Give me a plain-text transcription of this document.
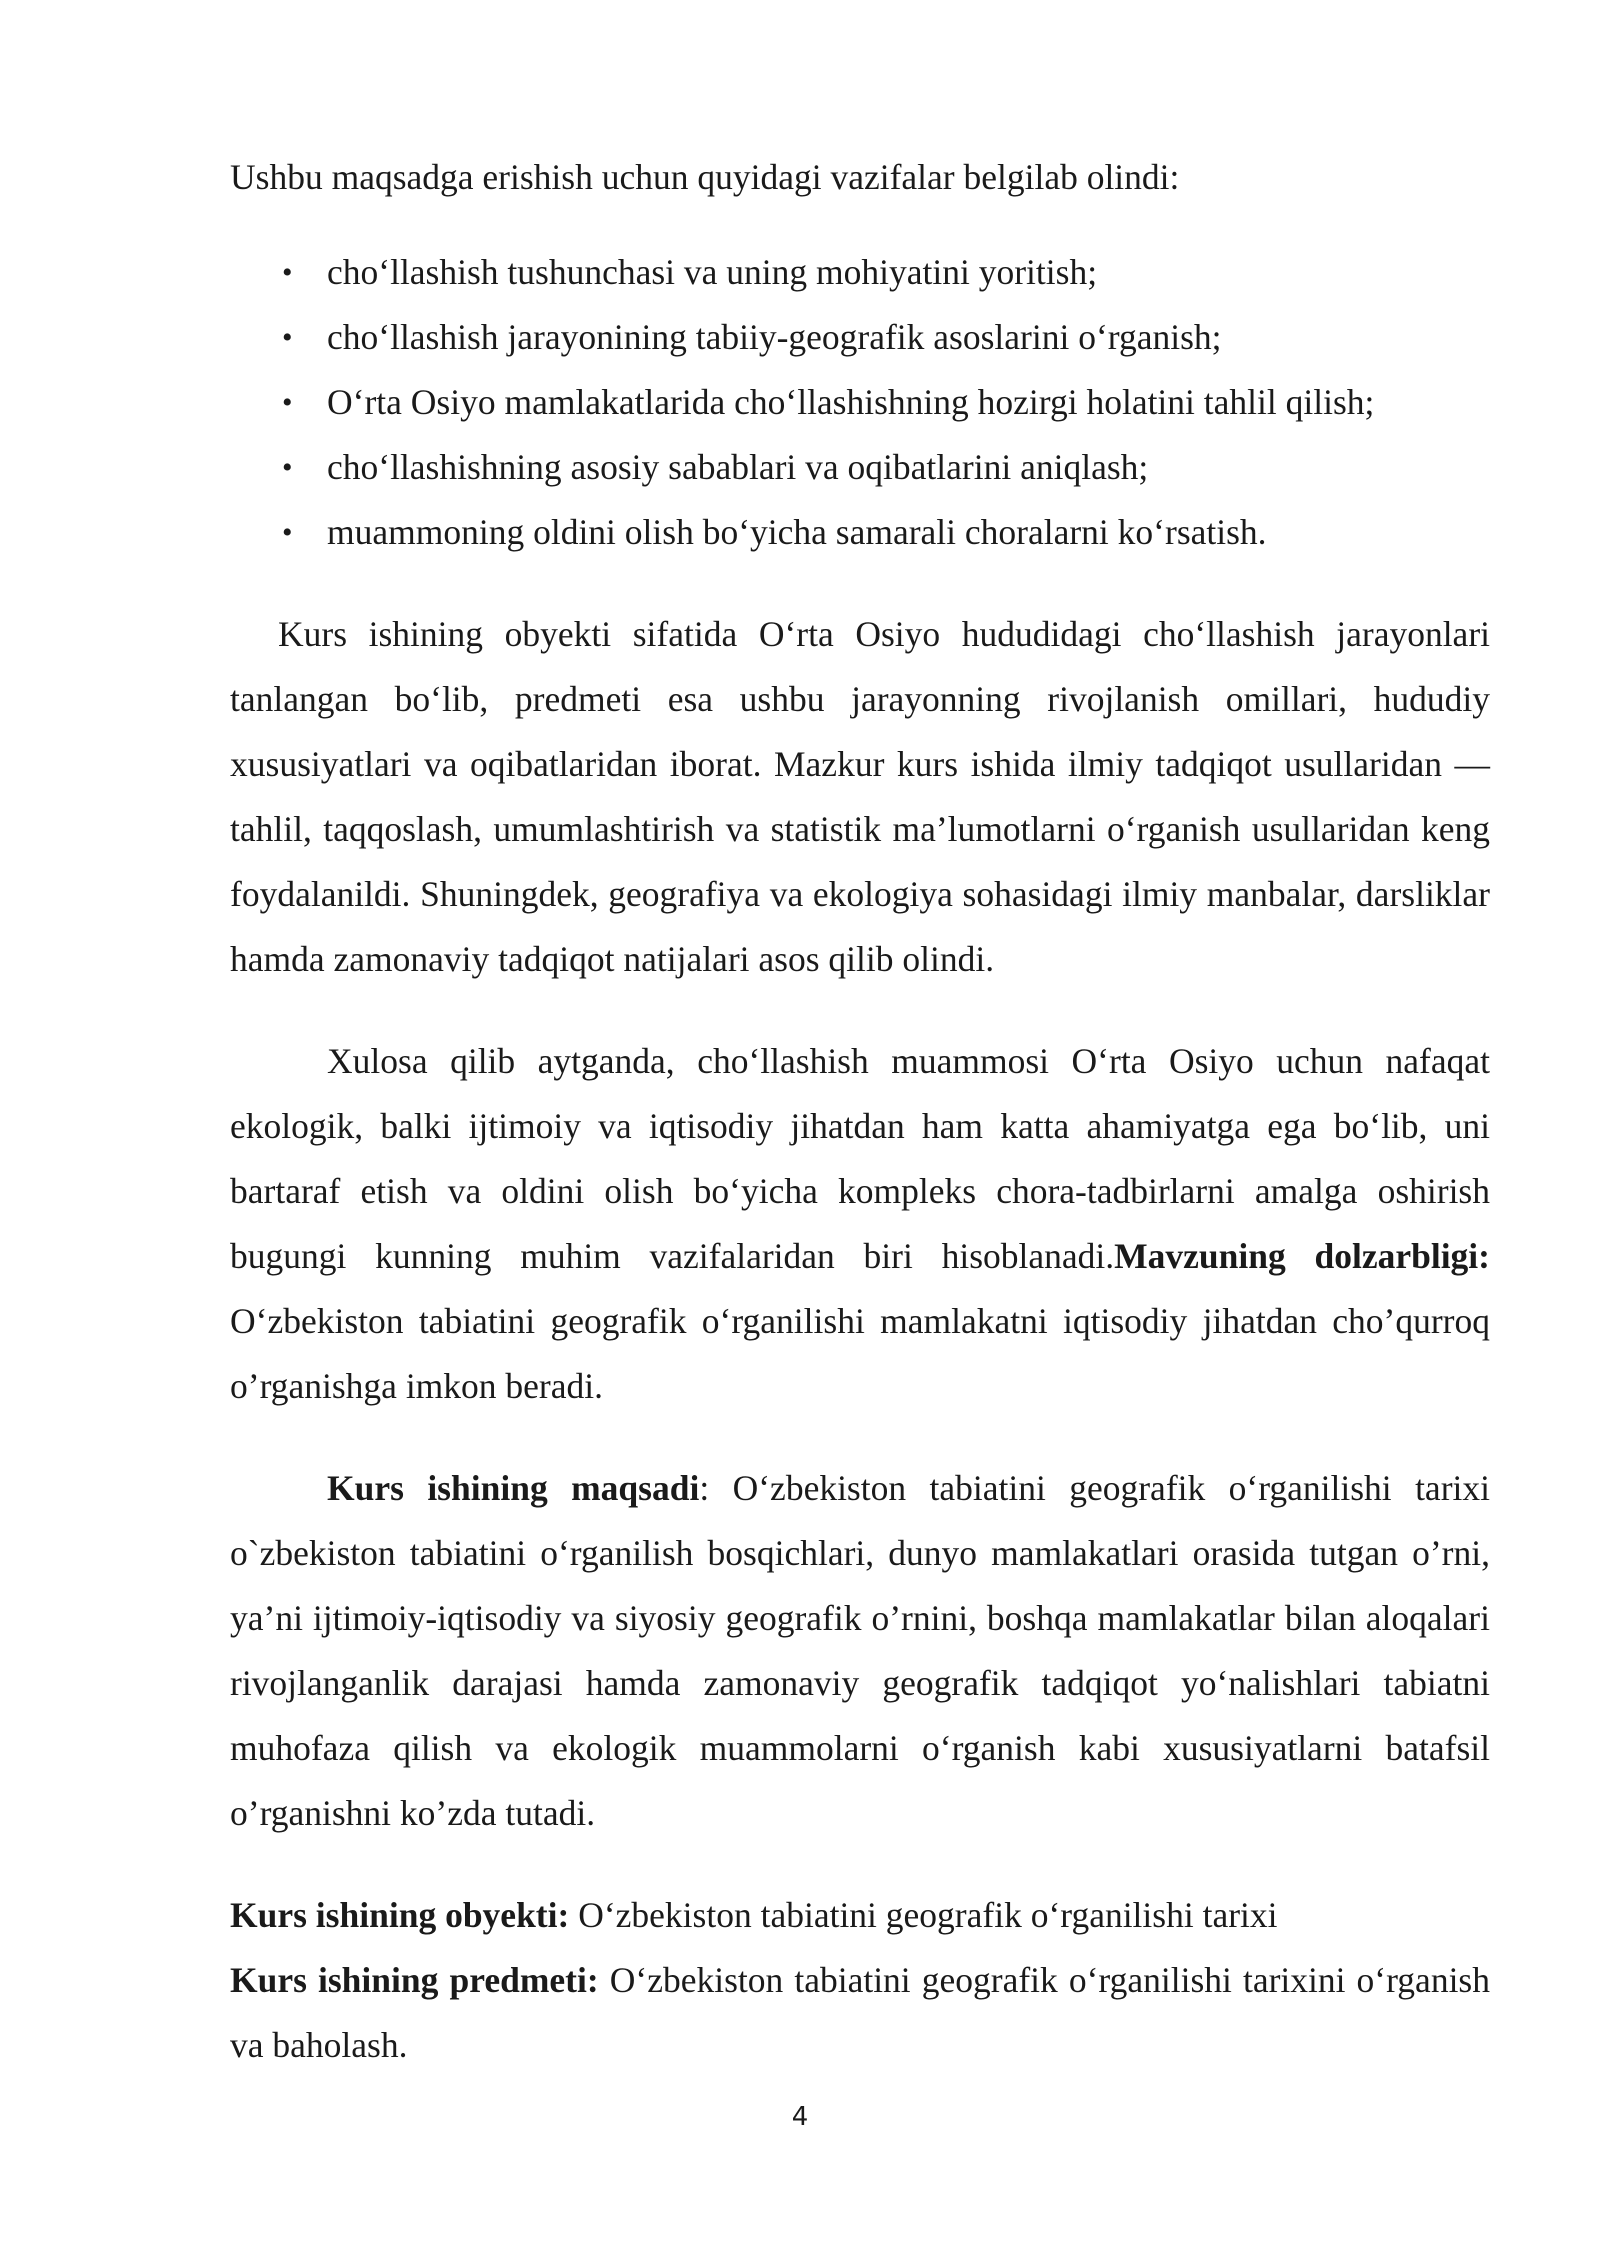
Ushbu maqsadga erishish uchun quyidagi vazifalar belgilab olindi:

• cho‘llashish tushunchasi va uning mohiyatini yoritish;
• cho‘llashish jarayonining tabiiy-geografik asoslarini o‘rganish;
• O‘rta Osiyo mamlakatlarida cho‘llashishning hozirgi holatini tahlil qilish;
• cho‘llashishning asosiy sabablari va oqibatlarini aniqlash;
• muammoning oldini olish bo‘yicha samarali choralarni ko‘rsatish.

Kurs ishining obyekti sifatida O‘rta Osiyo hududidagi cho‘llashish jarayonlari tanlangan bo‘lib, predmeti esa ushbu jarayonning rivojlanish omillari, hududiy xususiyatlari va oqibatlaridan iborat. Mazkur kurs ishida ilmiy tadqiqot usullaridan — tahlil, taqqoslash, umumlashtirish va statistik ma’lumotlarni o‘rganish usullaridan keng foydalanildi. Shuningdek, geografiya va ekologiya sohasidagi ilmiy manbalar, darsliklar hamda zamonaviy tadqiqot natijalari asos qilib olindi.

Xulosa qilib aytganda, cho‘llashish muammosi O‘rta Osiyo uchun nafaqat ekologik, balki ijtimoiy va iqtisodiy jihatdan ham katta ahamiyatga ega bo‘lib, uni bartaraf etish va oldini olish bo‘yicha kompleks chora-tadbirlarni amalga oshirish bugungi kunning muhim vazifalaridan biri hisoblanadi.Mavzuning dolzarbligi: O‘zbekiston tabiatini geografik o‘rganilishi mamlakatni iqtisodiy jihatdan cho’qurroq o’rganishga imkon beradi.

Kurs ishining maqsadi: O‘zbekiston tabiatini geografik o‘rganilishi tarixi o`zbekiston tabiatini o‘rganilish bosqichlari, dunyo mamlakatlari orasida tutgan o’rni, ya’ni ijtimoiy-iqtisodiy va siyosiy geografik o’rnini, boshqa mamlakatlar bilan aloqalari rivojlanganlik darajasi hamda zamonaviy geografik tadqiqot yo‘nalishlari tabiatni muhofaza qilish va ekologik muammolarni o‘rganish kabi xususiyatlarni batafsil o’rganishni ko’zda tutadi.

Kurs ishining obyekti: O‘zbekiston tabiatini geografik o‘rganilishi tarixi

Kurs ishining predmeti: O‘zbekiston tabiatini geografik o‘rganilishi tarixini o‘rganish va baholash.

4
